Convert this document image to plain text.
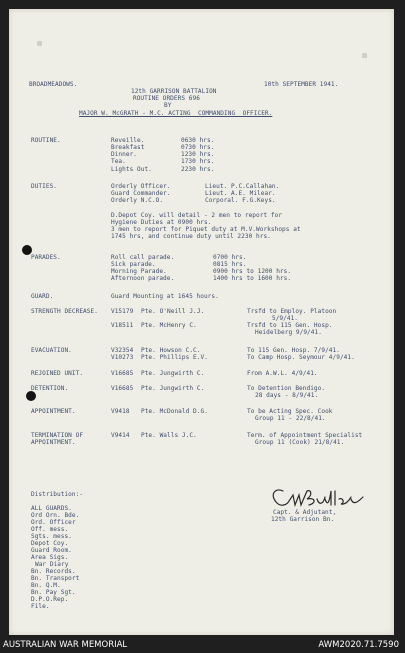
BROADMEADOWS.	10th SEPTEMBER 1941.
12th GARRISON BATTALION
ROUTINE ORDERS 696
BY
MAJOR W. McGRATH - M.C. ACTING  COMMANDING  OFFICER.
ROUTINE.	Reveille.	0630 hrs.
Breakfast	0730 hrs.
Dinner.	1230 hrs.
Tea.	1730 hrs.
Lights Out.	2230 hrs.
DUTIES.	Orderly Officer.	Lieut. P.C.Callahan.
Guard Commander.	Lieut. A.E. Milear.
Orderly N.C.O.	Corporal. F.G.Keys.
D.Depot Coy. will detail - 2 men to report for
Hygiene Duties at 0900 hrs.
3 men to report for Piquet duty at M.V.Workshops at
1745 hrs, and continue duty until 2230 hrs.
PARADES.	Roll call parade.	0700 hrs.
Sick parade.	0815 hrs.
Morning Parade.	0900 hrs to 1200 hrs.
Afternoon parade.	1400 hrs to 1600 hrs.
GUARD.	Guard Mounting at 1645 hours.
STRENGTH DECREASE. V15179 Pte. O'Neill J.J.	Trsfd to Employ. Platoon
5/9/41.
V18511 Pte. McHenry C.	Trsfd to 115 Gen. Hosp.
Heidelberg 9/9/41.
EVACUATION.	V32354 Pte. Howson C.C.	To 115 Gen. Hosp. 7/9/41.
V10273 Pte. Phillips E.V.	To Camp Hosp. Seymour 4/9/41.
REJOINED UNIT.	V16685 Pte. Jungwirth C.	From A.W.L. 4/9/41.
DETENTION.	V16685 Pte. Jungwirth C.	To Detention Bendigo.
28 days - 8/9/41.
APPOINTMENT.	V9418 Pte. McDonald D.G.	To be Acting Spec. Cook
Group 11 - 22/8/41.
TERMINATION OF
APPOINTMENT.
V9414 Pte. Walls J.C.	Term. of Appointment Specialist
Group 11 (Cook) 21/8/41.
Distribution:-
ALL GUARDS.
Ord Orn. Bde.
Ord. Officer
Off. mess.
Sgts. mess.
Depot Coy.
Guard Room.
Area Sigs.
War Diary
Bn. Records.
Bn. Transport
Bn. Q.M.
Bn. Pay Sgt.
D.P.O.Rep.
File.
Capt. & Adjutant,
12th Garrison Bn.
AUSTRALIAN WAR MEMORIAL	AWM2020.71.7590
